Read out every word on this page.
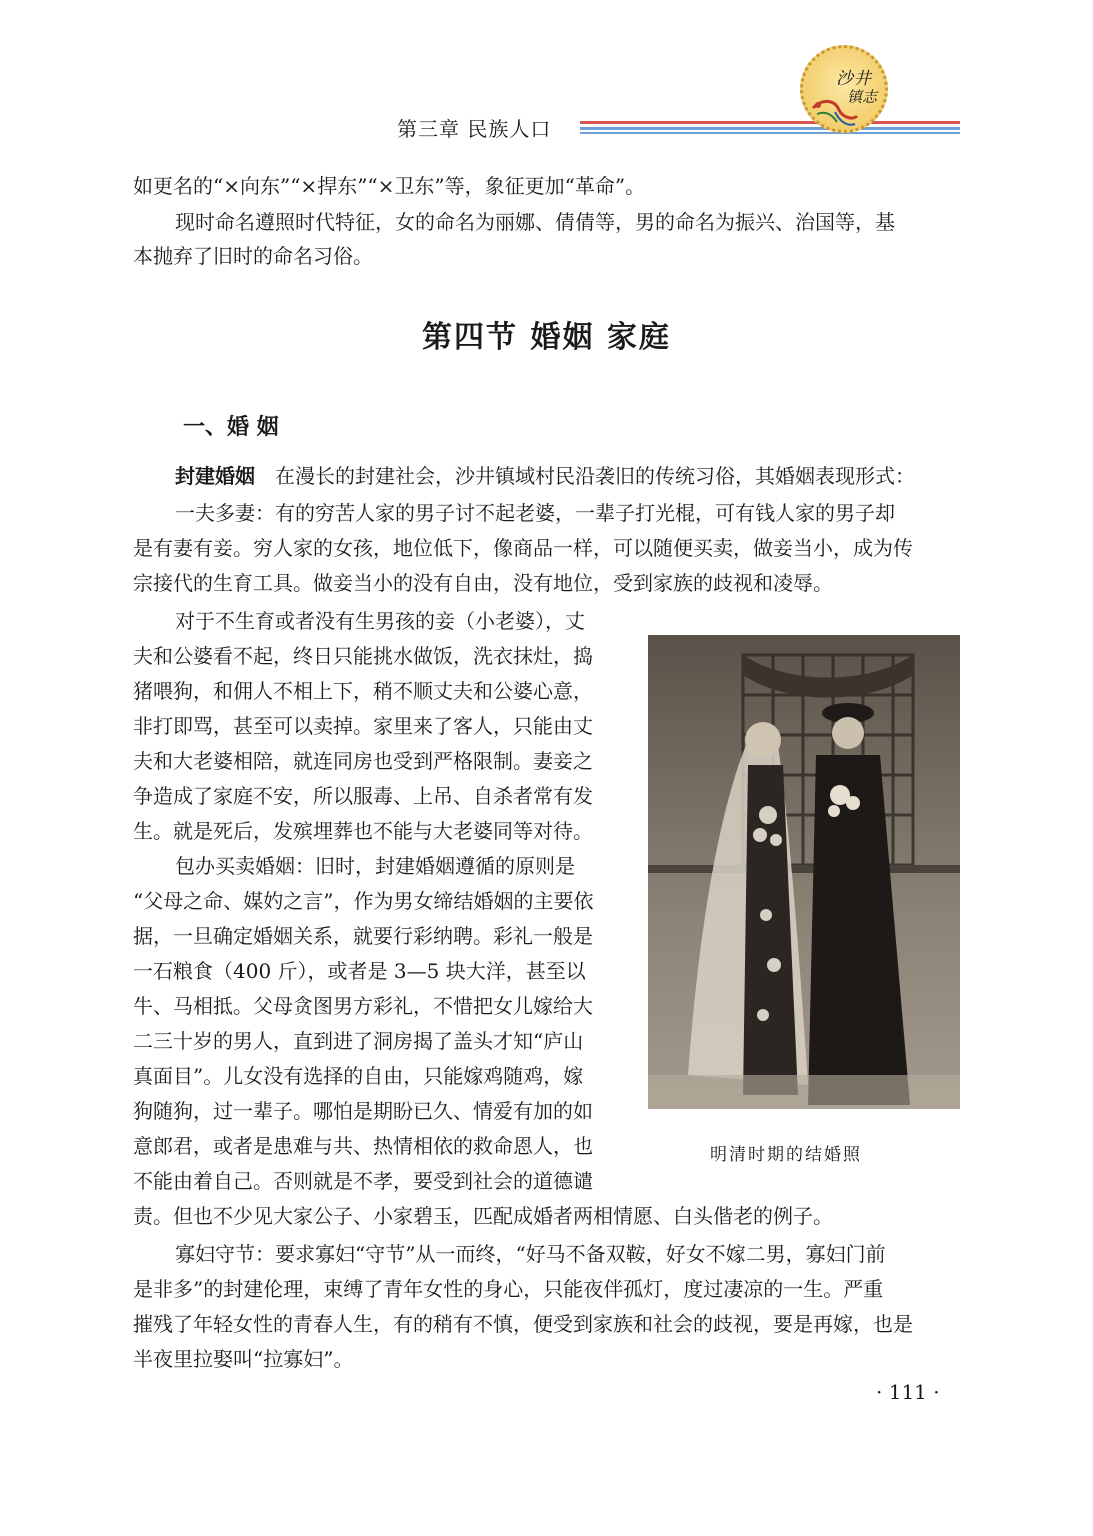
第三章 民族人口
沙井
镇志

如更名的“×向东”“×捍东”“×卫东”等，象征更加“革命”。

现时命名遵照时代特征，女的命名为丽娜、倩倩等，男的命名为振兴、治国等，基

本抛弃了旧时的命名习俗。

第四节 婚姻 家庭
一、婚 姻

封建婚姻 在漫长的封建社会，沙井镇域村民沿袭旧的传统习俗，其婚姻表现形式：

一夫多妻：有的穷苦人家的男子讨不起老婆，一辈子打光棍，可有钱人家的男子却

是有妻有妾。穷人家的女孩，地位低下，像商品一样，可以随便买卖，做妾当小，成为传

宗接代的生育工具。做妾当小的没有自由，没有地位，受到家族的歧视和凌辱。

对于不生育或者没有生男孩的妾（小老婆），丈

夫和公婆看不起，终日只能挑水做饭，洗衣抹灶，捣

猪喂狗，和佣人不相上下，稍不顺丈夫和公婆心意，

非打即骂，甚至可以卖掉。家里来了客人，只能由丈

夫和大老婆相陪，就连同房也受到严格限制。妻妾之

争造成了家庭不安，所以服毒、上吊、自杀者常有发

生。就是死后，发殡埋葬也不能与大老婆同等对待。

包办买卖婚姻：旧时，封建婚姻遵循的原则是

“父母之命、媒妁之言”，作为男女缔结婚姻的主要依

据，一旦确定婚姻关系，就要行彩纳聘。彩礼一般是

一石粮食（400 斤），或者是 3—5 块大洋，甚至以

牛、马相抵。父母贪图男方彩礼，不惜把女儿嫁给大

二三十岁的男人，直到进了洞房揭了盖头才知“庐山

真面目”。儿女没有选择的自由，只能嫁鸡随鸡，嫁

狗随狗，过一辈子。哪怕是期盼已久、情爱有加的如

意郎君，或者是患难与共、热情相依的救命恩人，也

不能由着自己。否则就是不孝，要受到社会的道德谴

责。但也不少见大家公子、小家碧玉，匹配成婚者两相情愿、白头偕老的例子。

寡妇守节：要求寡妇“守节”从一而终，“好马不备双鞍，好女不嫁二男，寡妇门前

是非多”的封建伦理，束缚了青年女性的身心，只能夜伴孤灯，度过凄凉的一生。严重

摧残了年轻女性的青春人生，有的稍有不慎，便受到家族和社会的歧视，要是再嫁，也是

半夜里拉娶叫“拉寡妇”。

明清时期的结婚照
· 111 ·
